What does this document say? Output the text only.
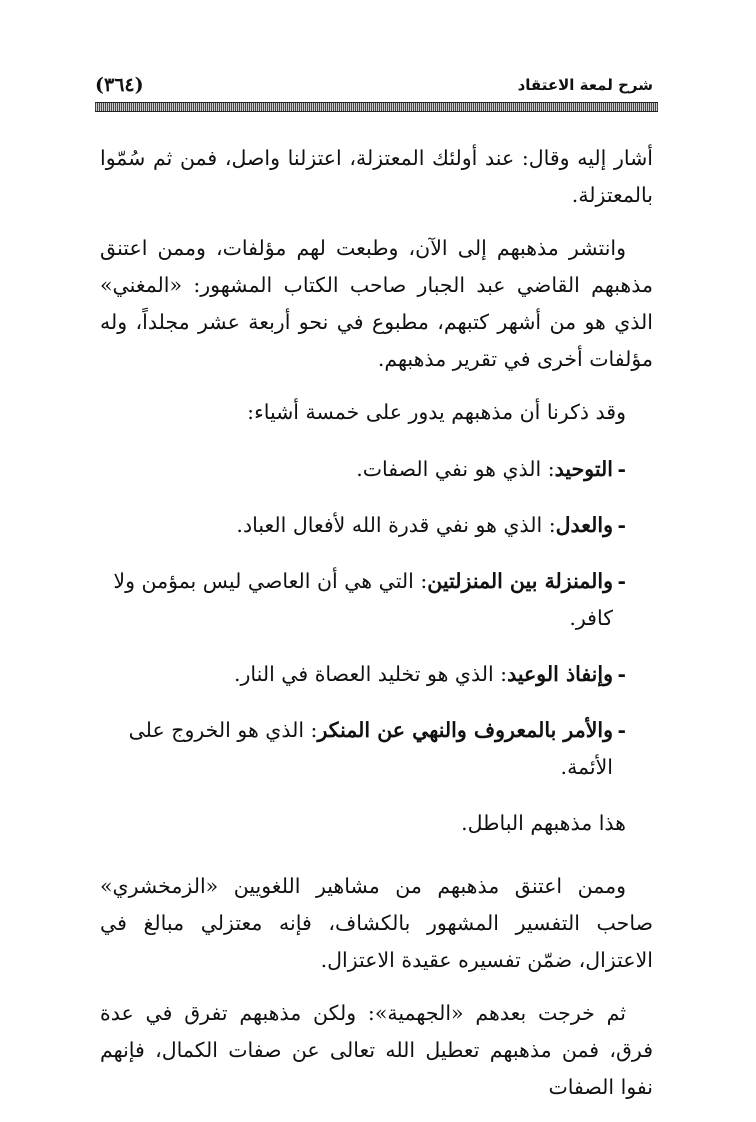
شرح لمعة الاعتقاد
(٣٦٤)

أشار إليه وقال: عند أولئك المعتزلة، اعتزلنا واصل، فمن ثم سُمّوا بالمعتزلة.

وانتشر مذهبهم إلى الآن، وطبعت لهم مؤلفات، وممن اعتنق مذهبهم القاضي عبد الجبار صاحب الكتاب المشهور: «المغني» الذي هو من أشهر كتبهم، مطبوع في نحو أربعة عشر مجلداً، وله مؤلفات أخرى في تقرير مذهبهم.

وقد ذكرنا أن مذهبهم يدور على خمسة أشياء:

-
التوحيد: الذي هو نفي الصفات.
-
والعدل: الذي هو نفي قدرة الله لأفعال العباد.
-
والمنزلة بين المنزلتين: التي هي أن العاصي ليس بمؤمن ولا كافر.
-
وإنفاذ الوعيد: الذي هو تخليد العصاة في النار.
-
والأمر بالمعروف والنهي عن المنكر: الذي هو الخروج على الأئمة.

هذا مذهبهم الباطل.

وممن اعتنق مذهبهم من مشاهير اللغويين «الزمخشري» صاحب التفسير المشهور بالكشاف، فإنه معتزلي مبالغ في الاعتزال، ضمّن تفسيره عقيدة الاعتزال.

ثم خرجت بعدهم «الجهمية»: ولكن مذهبهم تفرق في عدة فرق، فمن مذهبهم تعطيل الله تعالى عن صفات الكمال، فإنهم نفوا الصفات
